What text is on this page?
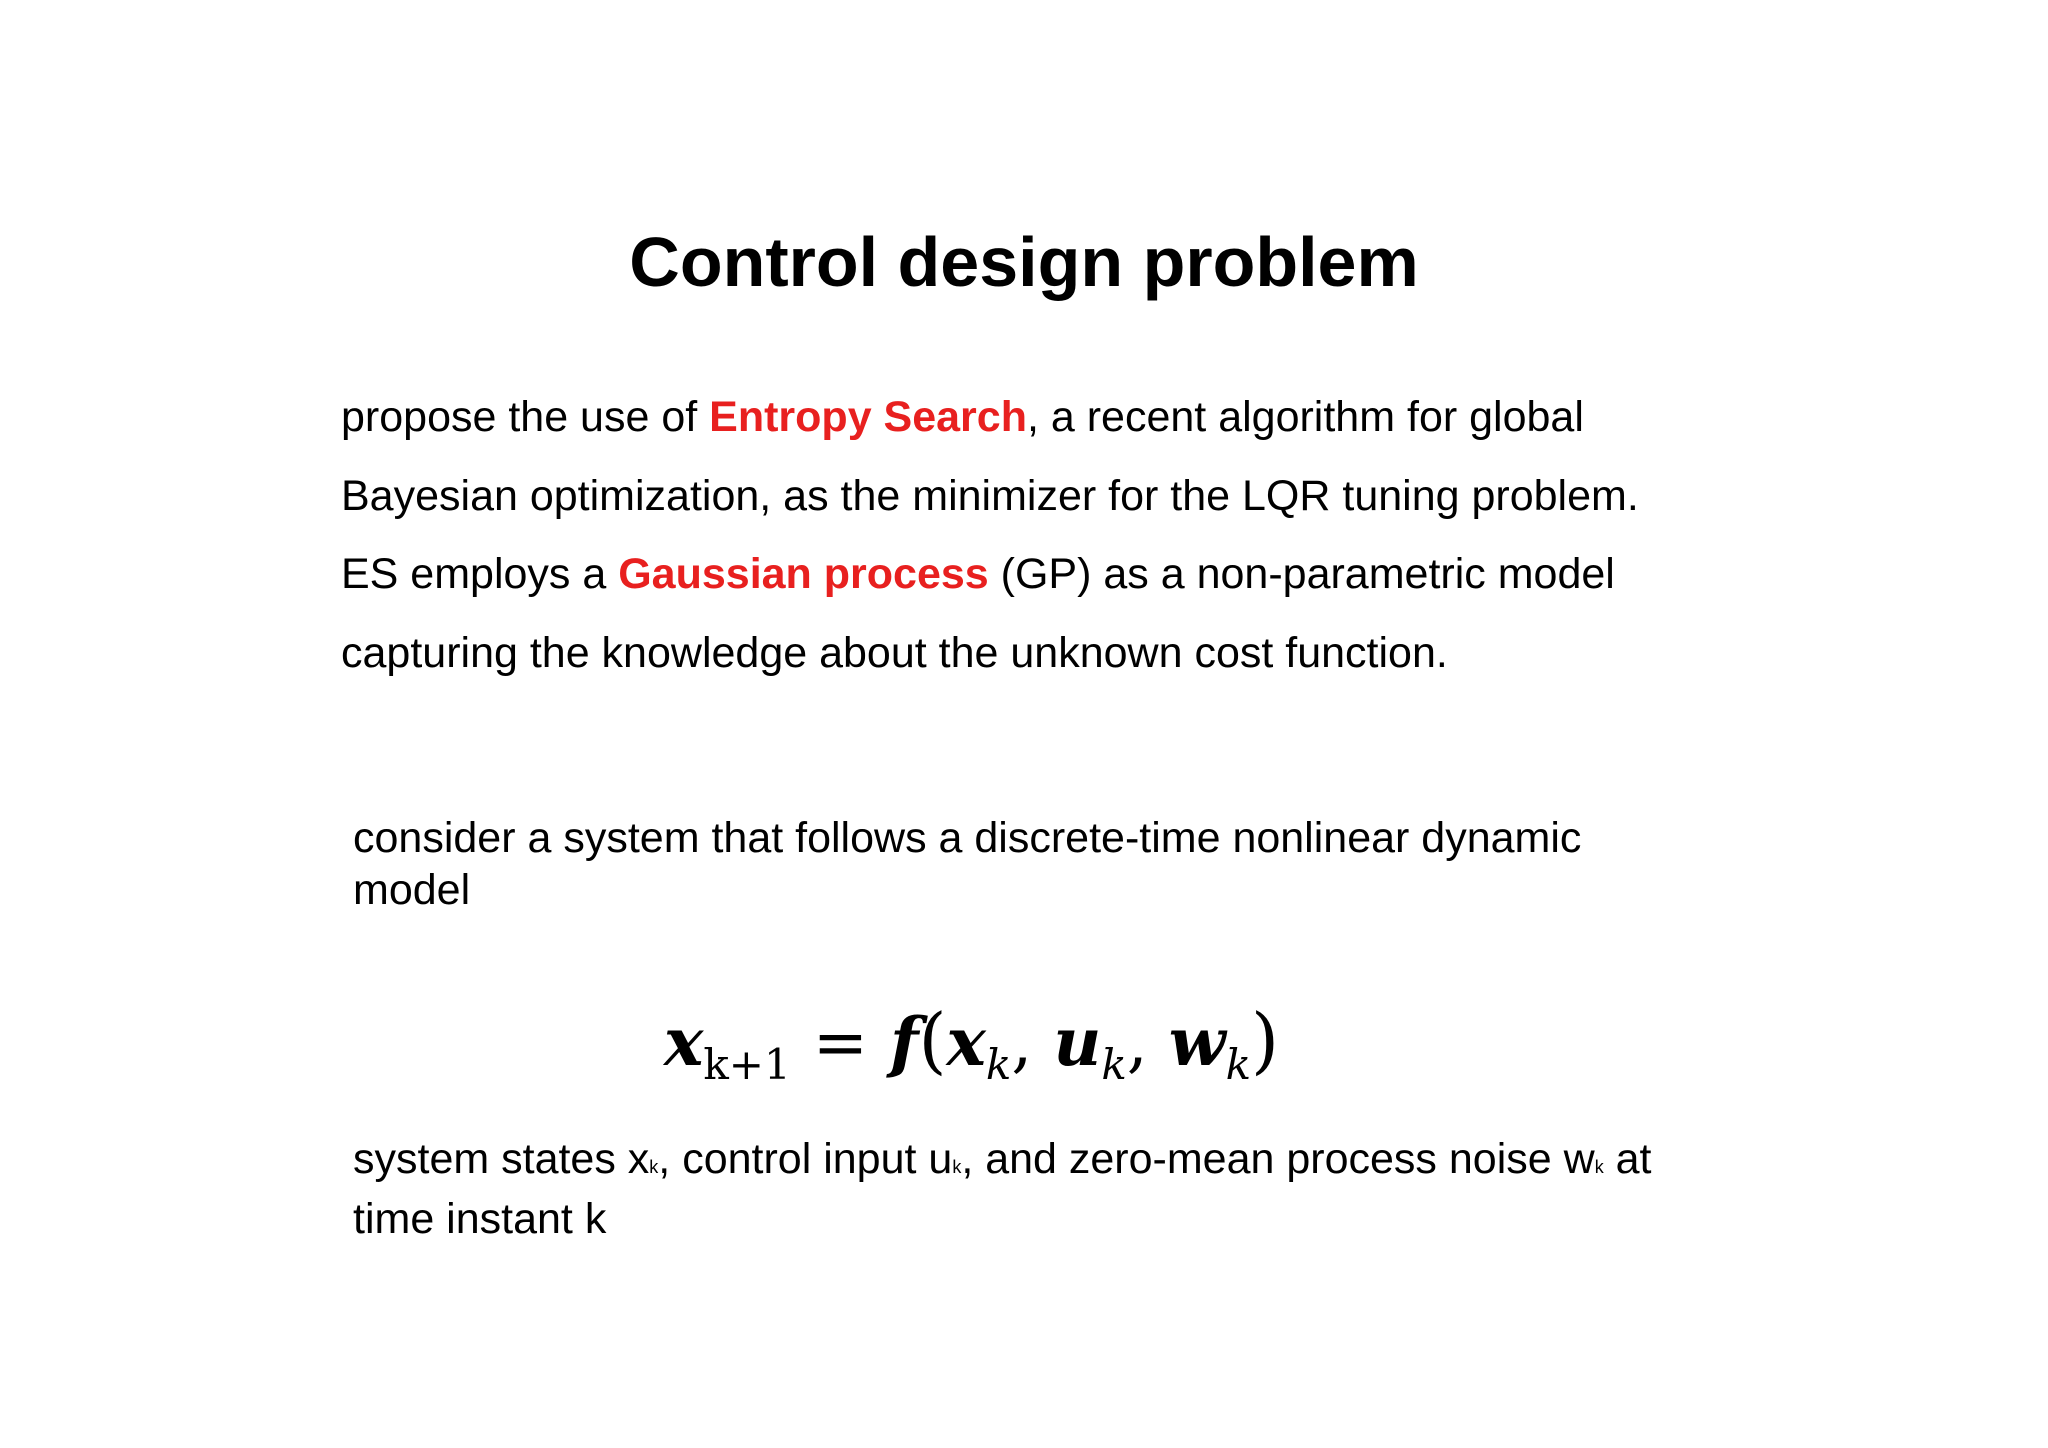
Control design problem
propose the use of Entropy Search, a recent algorithm for global
Bayesian optimization, as the minimizer for the LQR tuning problem.
ES employs a Gaussian process (GP) as a non-parametric model
capturing the knowledge about the unknown cost function.
consider a system that follows a discrete-time nonlinear dynamic
model
$x_{k+1} = f(x_k$, $u_k$, $w_k$)
system states xk, control input uk, and zero-mean process noise wk at
time instant k
